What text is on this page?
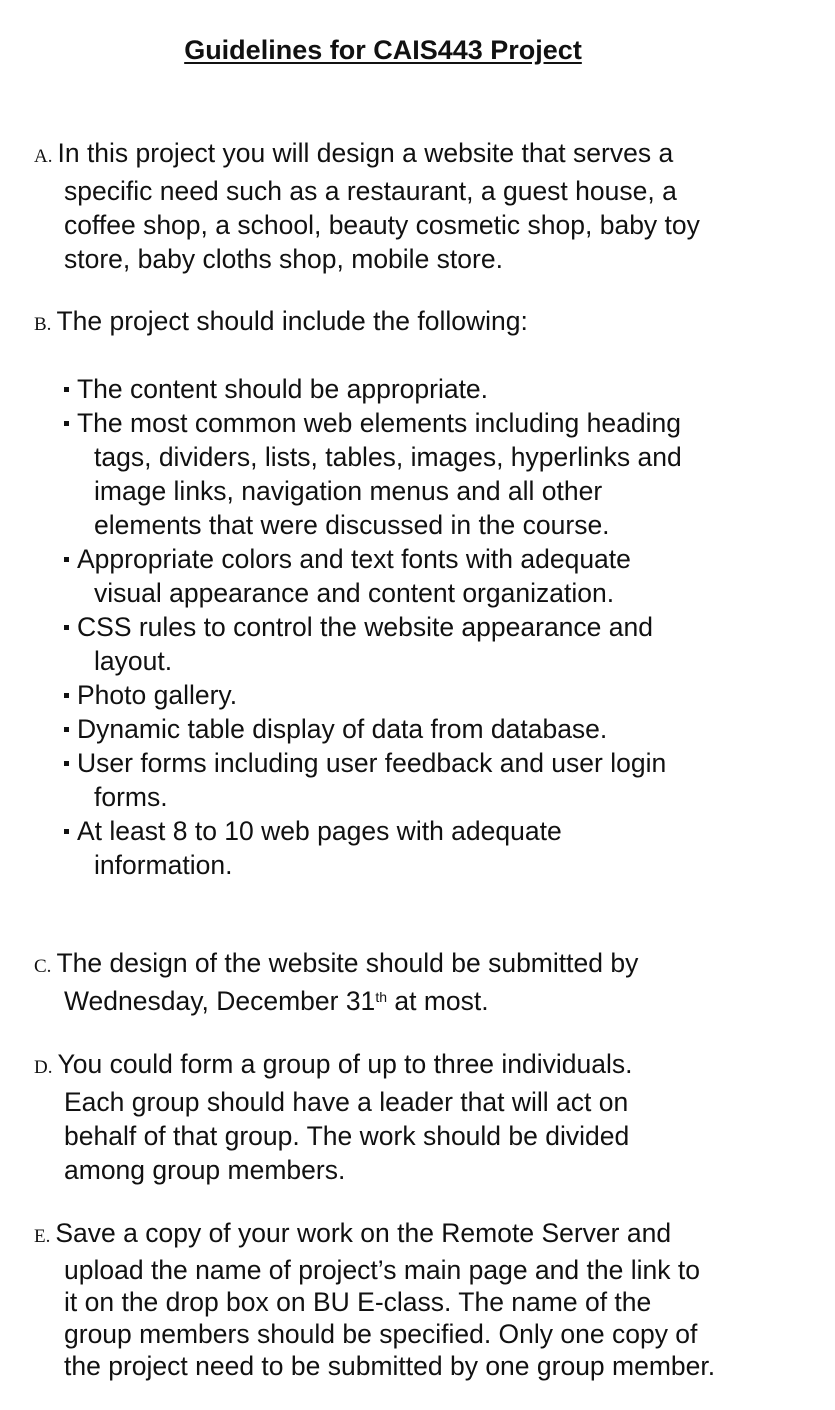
Guidelines for CAIS443 Project
A. In this project you will design a website that serves a
specific need such as a restaurant, a guest house, a
coffee shop, a school, beauty cosmetic shop, baby toy
store, baby cloths shop, mobile store.
B. The project should include the following:
The content should be appropriate.
The most common web elements including heading
tags, dividers, lists, tables, images, hyperlinks and
image links, navigation menus and all other
elements that were discussed in the course.
Appropriate colors and text fonts with adequate
visual appearance and content organization.
CSS rules to control the website appearance and
layout.
Photo gallery.
Dynamic table display of data from database.
User forms including user feedback and user login
forms.
At least 8 to 10 web pages with adequate
information.
C. The design of the website should be submitted by
Wednesday, December 31th at most.
D. You could form a group of up to three individuals.
Each group should have a leader that will act on
behalf of that group. The work should be divided
among group members.
E. Save a copy of your work on the Remote Server and
upload the name of project’s main page and the link to
it on the drop box on BU E-class. The name of the
group members should be specified. Only one copy of
the project need to be submitted by one group member.
